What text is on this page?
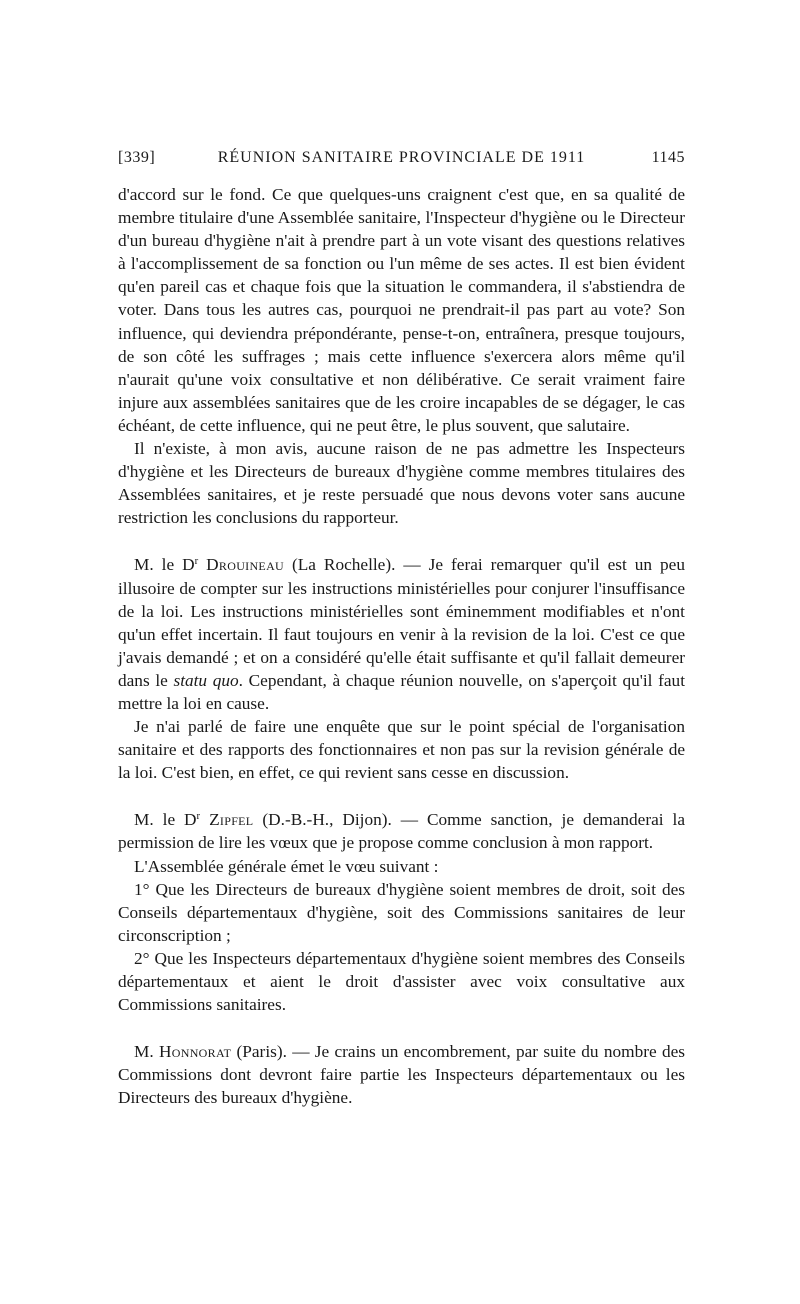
[339]	RÉUNION SANITAIRE PROVINCIALE DE 1911	1145

d'accord sur le fond. Ce que quelques-uns craignent c'est que, en sa qualité de membre titulaire d'une Assemblée sanitaire, l'Inspecteur d'hygiène ou le Directeur d'un bureau d'hygiène n'ait à prendre part à un vote visant des questions relatives à l'accomplissement de sa fonction ou l'un même de ses actes. Il est bien évident qu'en pareil cas et chaque fois que la situation le commandera, il s'abstiendra de voter. Dans tous les autres cas, pourquoi ne prendrait-il pas part au vote? Son influence, qui deviendra prépondérante, pense-t-on, entraînera, presque toujours, de son côté les suffrages ; mais cette influence s'exercera alors même qu'il n'aurait qu'une voix consultative et non délibérative. Ce serait vraiment faire injure aux assemblées sanitaires que de les croire incapables de se dégager, le cas échéant, de cette influence, qui ne peut être, le plus souvent, que salutaire.

Il n'existe, à mon avis, aucune raison de ne pas admettre les Inspecteurs d'hygiène et les Directeurs de bureaux d'hygiène comme membres titulaires des Assemblées sanitaires, et je reste persuadé que nous devons voter sans aucune restriction les conclusions du rapporteur.

M. le $D^r$ Drouineau (La Rochelle). — Je ferai remarquer qu'il est un peu illusoire de compter sur les instructions ministérielles pour conjurer l'insuffisance de la loi. Les instructions ministérielles sont éminemment modifiables et n'ont qu'un effet incertain. Il faut toujours en venir à la revision de la loi. C'est ce que j'avais demandé ; et on a considéré qu'elle était suffisante et qu'il fallait demeurer dans le statu quo. Cependant, à chaque réunion nouvelle, on s'aperçoit qu'il faut mettre la loi en cause.

Je n'ai parlé de faire une enquête que sur le point spécial de l'organisation sanitaire et des rapports des fonctionnaires et non pas sur la revision générale de la loi. C'est bien, en effet, ce qui revient sans cesse en discussion.

M. le $D^r$ Zipfel (D.-B.-H., Dijon). — Comme sanction, je demanderai la permission de lire les vœux que je propose comme conclusion à mon rapport.

L'Assemblée générale émet le vœu suivant :

1° Que les Directeurs de bureaux d'hygiène soient membres de droit, soit des Conseils départementaux d'hygiène, soit des Commissions sanitaires de leur circonscription ;

2° Que les Inspecteurs départementaux d'hygiène soient membres des Conseils départementaux et aient le droit d'assister avec voix consultative aux Commissions sanitaires.

M. Honnorat (Paris). — Je crains un encombrement, par suite du nombre des Commissions dont devront faire partie les Inspecteurs départementaux ou les Directeurs des bureaux d'hygiène.
